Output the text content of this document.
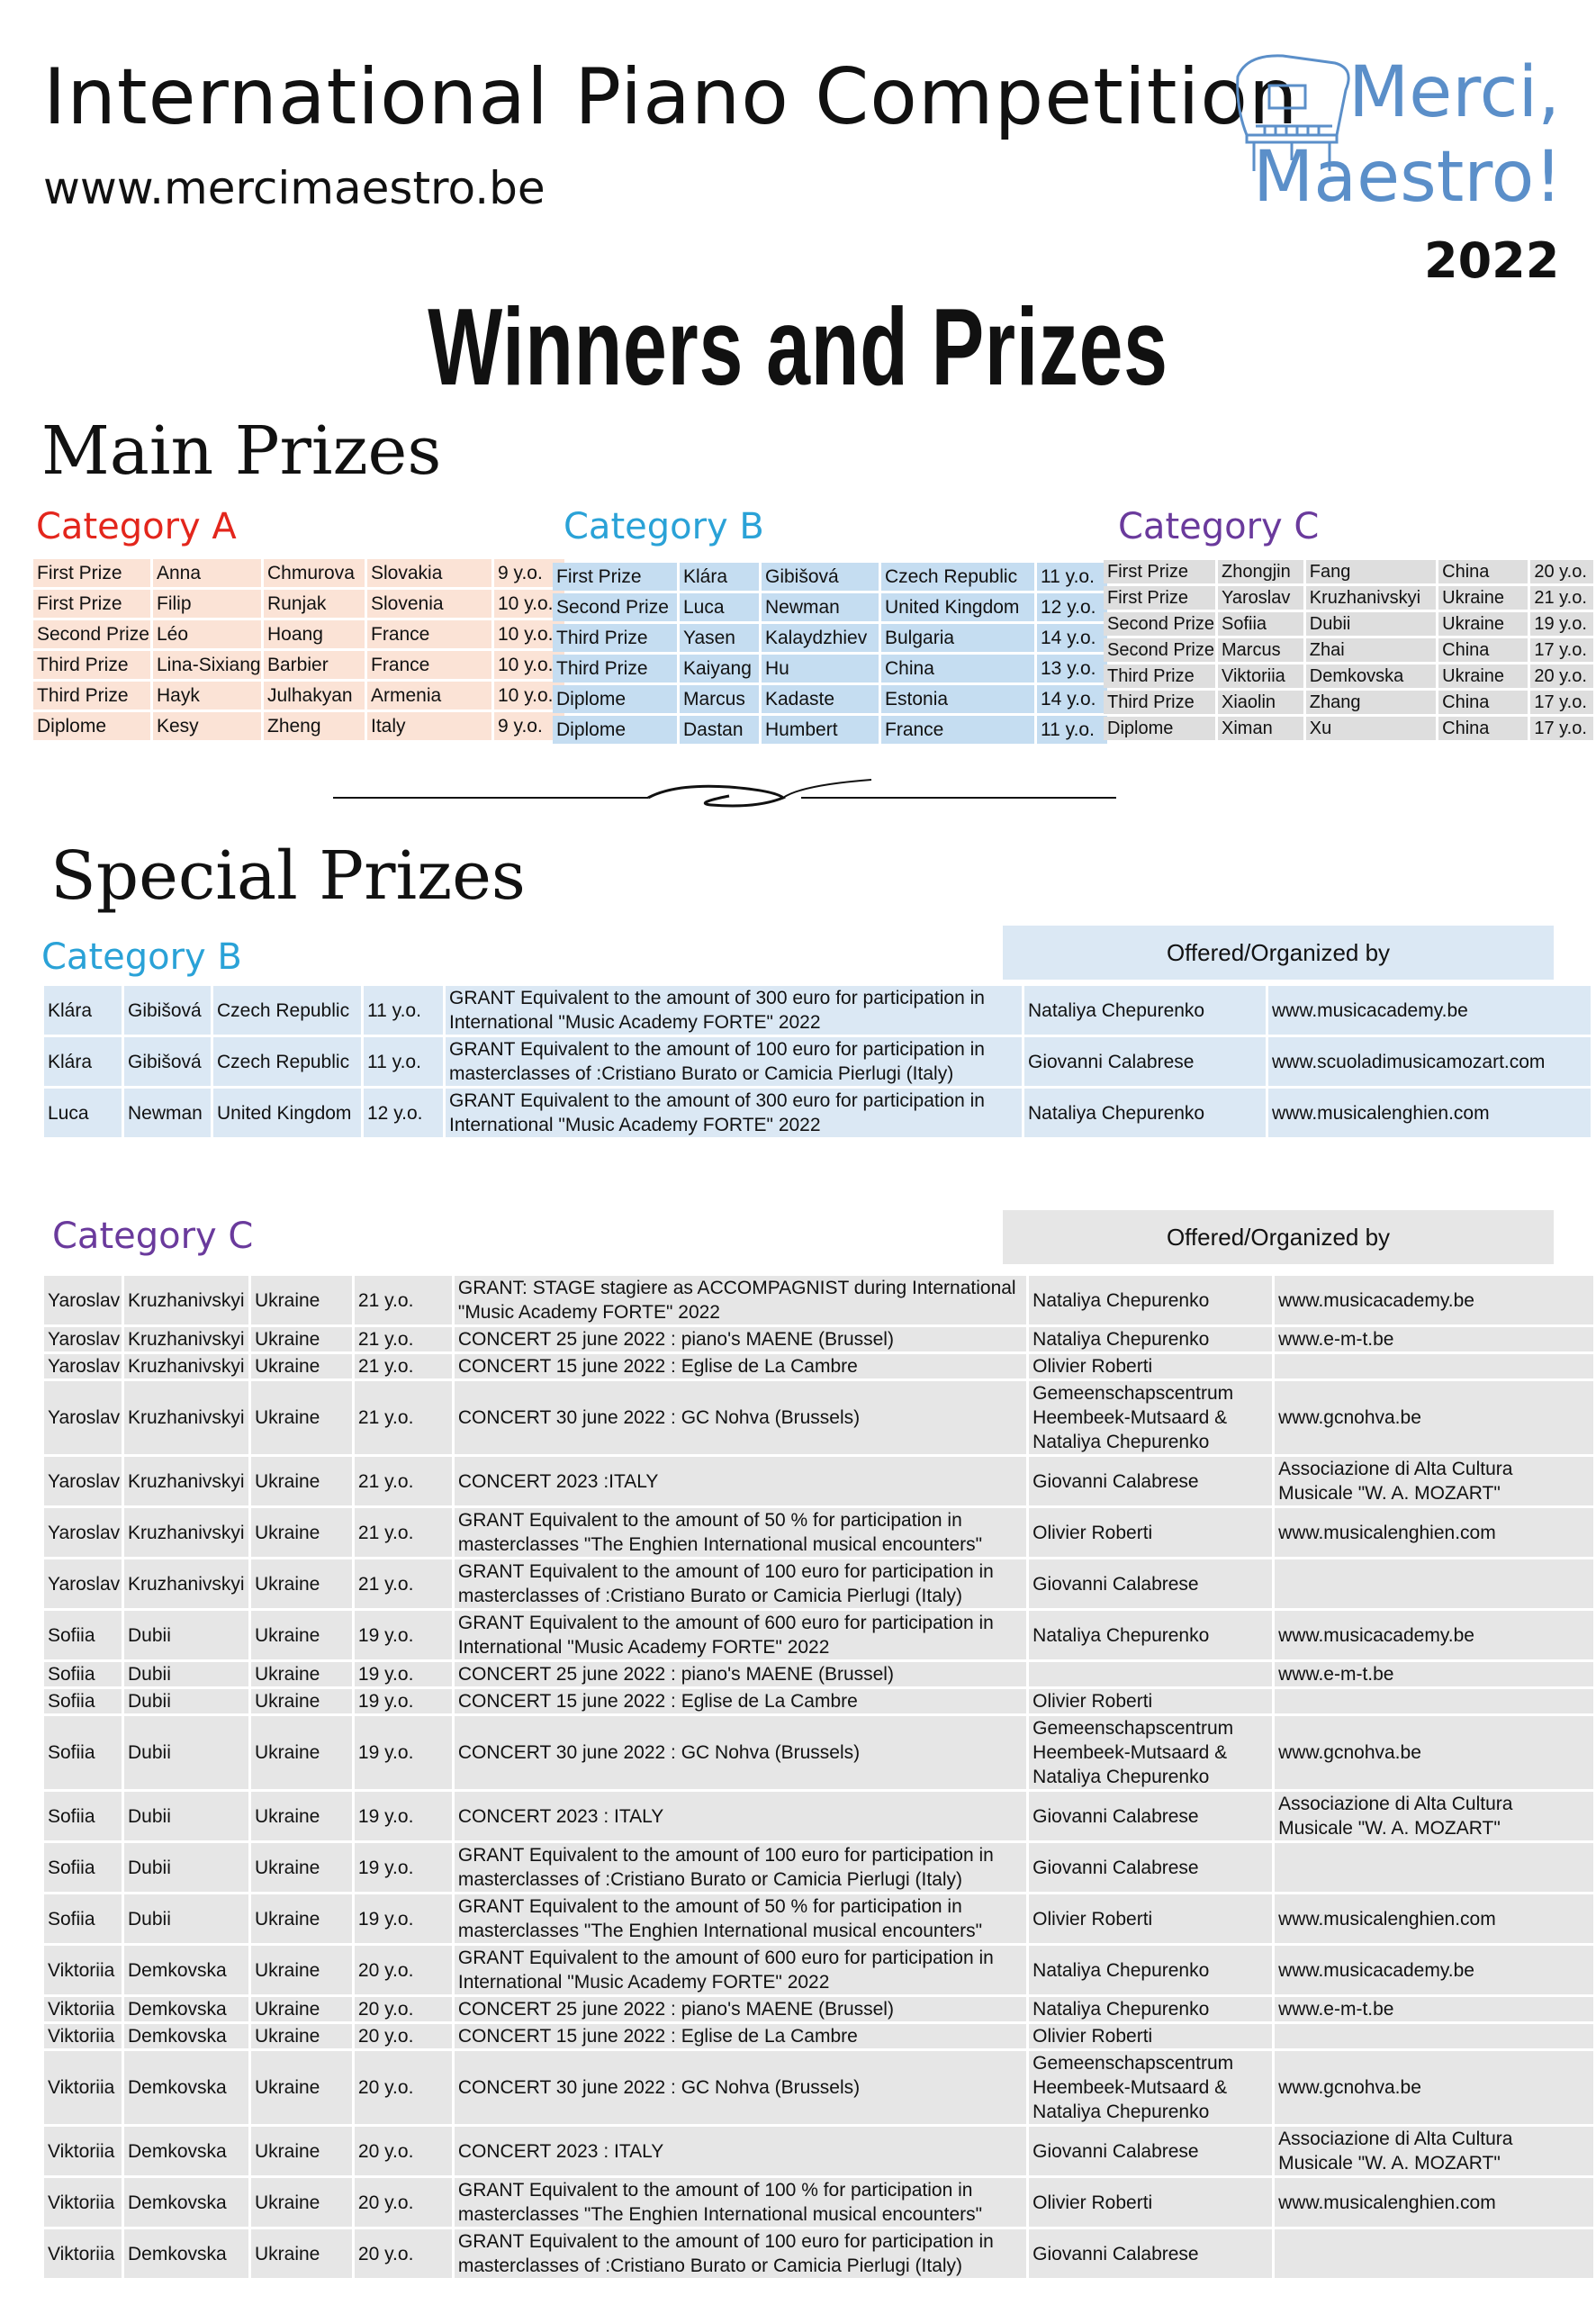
International Piano Competition
www.mercimaestro.be
Merci,
Maestro!
2022
Winners and Prizes
Main Prizes
Category A	Category B	Category C
First Prize	Anna	Chmurova	Slovakia	9 y.o.
First Prize	Filip	Runjak	Slovenia	10 y.o.
Second Prize	Léo	Hoang	France	10 y.o.
Third Prize	Lina-Sixiang	Barbier	France	10 y.o.
Third Prize	Hayk	Julhakyan	Armenia	10 y.o.
Diplome	Kesy	Zheng	Italy	9 y.o.
First Prize	Klára	Gibišová	Czech Republic	11 y.o.
Second Prize	Luca	Newman	United Kingdom	12 y.o.
Third Prize	Yasen	Kalaydzhiev	Bulgaria	14 y.o.
Third Prize	Kaiyang	Hu	China	13 y.o.
Diplome	Marcus	Kadaste	Estonia	14 y.o.
Diplome	Dastan	Humbert	France	11 y.o.
First Prize	Zhongjin	Fang	China	20 y.o.
First Prize	Yaroslav	Kruzhanivskyi	Ukraine	21 y.o.
Second Prize	Sofiia	Dubii	Ukraine	19 y.o.
Second Prize	Marcus	Zhai	China	17 y.o.
Third Prize	Viktoriia	Demkovska	Ukraine	20 y.o.
Third Prize	Xiaolin	Zhang	China	17 y.o.
Diplome	Ximan	Xu	China	17 y.o.
Special Prizes
Category B	Offered/Organized by
Klára	Gibišová	Czech Republic	11 y.o.	GRANT Equivalent to the amount of 300 euro for participation in International "Music Academy FORTE" 2022	Nataliya Chepurenko	www.musicacademy.be
Klára	Gibišová	Czech Republic	11 y.o.	GRANT Equivalent to the amount of 100 euro for participation in masterclasses of :Cristiano Burato or Camicia Pierlugi (Italy)	Giovanni Calabrese	www.scuoladimusicamozart.com
Luca	Newman	United Kingdom	12 y.o.	GRANT Equivalent to the amount of 300 euro for participation in International "Music Academy FORTE" 2022	Nataliya Chepurenko	www.musicalenghien.com
Category C	Offered/Organized by
Yaroslav	Kruzhanivskyi	Ukraine	21 y.o.	GRANT: STAGE stagiere as ACCOMPAGNIST during International "Music Academy FORTE" 2022	Nataliya Chepurenko	www.musicacademy.be
Yaroslav	Kruzhanivskyi	Ukraine	21 y.o.	CONCERT 25 june 2022 : piano's MAENE (Brussel)	Nataliya Chepurenko	www.e-m-t.be
Yaroslav	Kruzhanivskyi	Ukraine	21 y.o.	CONCERT 15 june 2022 : Eglise de La Cambre	Olivier Roberti	
Yaroslav	Kruzhanivskyi	Ukraine	21 y.o.	CONCERT 30 june 2022 : GC Nohva (Brussels)	Gemeenschapscentrum Heembeek-Mutsaard & Nataliya Chepurenko	www.gcnohva.be
Yaroslav	Kruzhanivskyi	Ukraine	21 y.o.	CONCERT 2023 :ITALY	Giovanni Calabrese	Associazione di Alta Cultura Musicale "W. A. MOZART"
Yaroslav	Kruzhanivskyi	Ukraine	21 y.o.	GRANT Equivalent to the amount of 50 % for participation in masterclasses "The Enghien International musical encounters"	Olivier Roberti	www.musicalenghien.com
Yaroslav	Kruzhanivskyi	Ukraine	21 y.o.	GRANT Equivalent to the amount of 100 euro for participation in masterclasses of :Cristiano Burato or Camicia Pierlugi (Italy)	Giovanni Calabrese	
Sofiia	Dubii	Ukraine	19 y.o.	GRANT Equivalent to the amount of 600 euro for participation in International "Music Academy FORTE" 2022	Nataliya Chepurenko	www.musicacademy.be
Sofiia	Dubii	Ukraine	19 y.o.	CONCERT 25 june 2022 : piano's MAENE (Brussel)		www.e-m-t.be
Sofiia	Dubii	Ukraine	19 y.o.	CONCERT 15 june 2022 : Eglise de La Cambre	Olivier Roberti	
Sofiia	Dubii	Ukraine	19 y.o.	CONCERT 30 june 2022 : GC Nohva (Brussels)	Gemeenschapscentrum Heembeek-Mutsaard & Nataliya Chepurenko	www.gcnohva.be
Sofiia	Dubii	Ukraine	19 y.o.	CONCERT 2023 : ITALY	Giovanni Calabrese	Associazione di Alta Cultura Musicale "W. A. MOZART"
Sofiia	Dubii	Ukraine	19 y.o.	GRANT Equivalent to the amount of 100 euro for participation in masterclasses of :Cristiano Burato or Camicia Pierlugi (Italy)	Giovanni Calabrese	
Sofiia	Dubii	Ukraine	19 y.o.	GRANT Equivalent to the amount of 50 % for participation in masterclasses "The Enghien International musical encounters"	Olivier Roberti	www.musicalenghien.com
Viktoriia	Demkovska	Ukraine	20 y.o.	GRANT Equivalent to the amount of 600 euro for participation in International "Music Academy FORTE" 2022	Nataliya Chepurenko	www.musicacademy.be
Viktoriia	Demkovska	Ukraine	20 y.o.	CONCERT 25 june 2022 : piano's MAENE (Brussel)	Nataliya Chepurenko	www.e-m-t.be
Viktoriia	Demkovska	Ukraine	20 y.o.	CONCERT 15 june 2022 : Eglise de La Cambre	Olivier Roberti	
Viktoriia	Demkovska	Ukraine	20 y.o.	CONCERT 30 june 2022 : GC Nohva (Brussels)	Gemeenschapscentrum Heembeek-Mutsaard & Nataliya Chepurenko	www.gcnohva.be
Viktoriia	Demkovska	Ukraine	20 y.o.	CONCERT 2023 : ITALY	Giovanni Calabrese	Associazione di Alta Cultura Musicale "W. A. MOZART"
Viktoriia	Demkovska	Ukraine	20 y.o.	GRANT Equivalent to the amount of 100 % for participation in masterclasses "The Enghien International musical encounters"	Olivier Roberti	www.musicalenghien.com
Viktoriia	Demkovska	Ukraine	20 y.o.	GRANT Equivalent to the amount of 100 euro for participation in masterclasses of :Cristiano Burato or Camicia Pierlugi (Italy)	Giovanni Calabrese	
